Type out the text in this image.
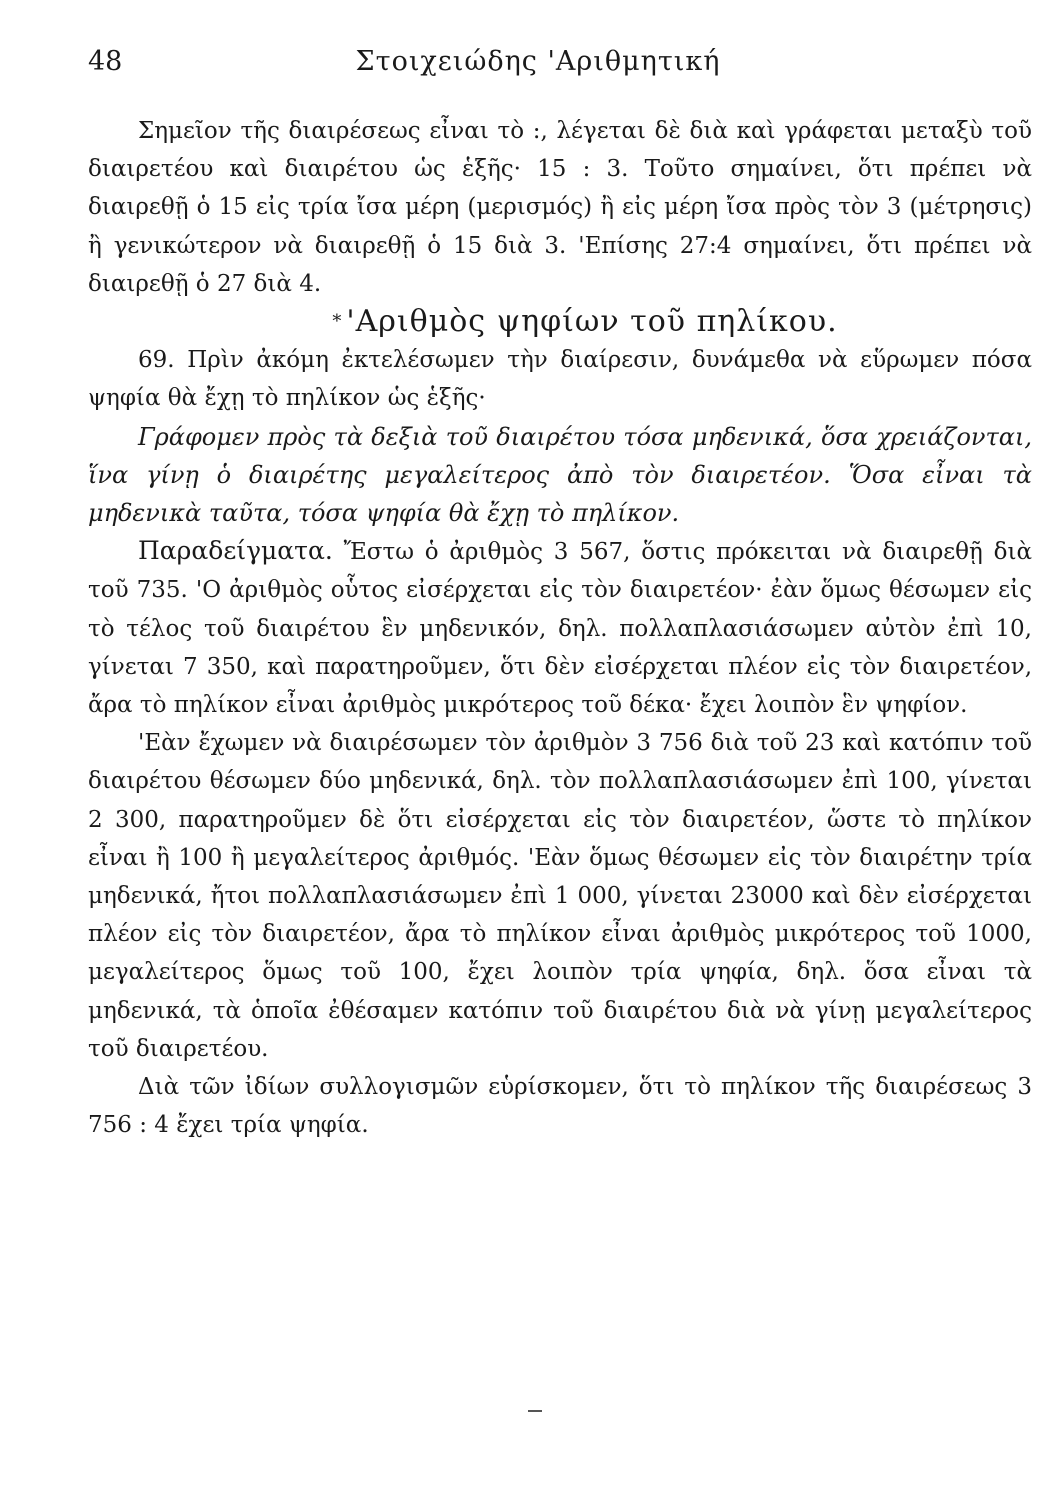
48	Στοιχειώδης 'Αριθμητική

Σημεῖον τῆς διαιρέσεως εἶναι τὸ :, λέγεται δὲ διὰ καὶ γράφεται μεταξὺ τοῦ διαιρετέου καὶ διαιρέτου ὡς ἑξῆς· 15 : 3. Τοῦτο σημαίνει, ὅτι πρέπει νὰ διαιρεθῇ ὁ 15 εἰς τρία ἴσα μέρη (μερισμός) ἢ εἰς μέρη ἴσα πρὸς τὸν 3 (μέτρησις) ἢ γενικώτερον νὰ διαιρεθῇ ὁ 15 διὰ 3. 'Επίσης 27:4 σημαίνει, ὅτι πρέπει νὰ διαιρεθῇ ὁ 27 διὰ 4.

* 'Αριθμὸς ψηφίων τοῦ πηλίκου.

69. Πρὶν ἀκόμη ἐκτελέσωμεν τὴν διαίρεσιν, δυνάμεθα νὰ εὕρωμεν πόσα ψηφία θὰ ἔχῃ τὸ πηλίκον ὡς ἑξῆς·

Γράφομεν πρὸς τὰ δεξιὰ τοῦ διαιρέτου τόσα μηδενικά, ὅσα χρειάζονται, ἵνα γίνῃ ὁ διαιρέτης μεγαλείτερος ἀπὸ τὸν διαιρετέον. Ὅσα εἶναι τὰ μηδενικὰ ταῦτα, τόσα ψηφία θὰ ἔχῃ τὸ πηλίκον.

Παραδείγματα. Ἔστω ὁ ἀριθμὸς 3 567, ὅστις πρόκειται νὰ διαιρεθῇ διὰ τοῦ 735. 'Ο ἀριθμὸς οὗτος εἰσέρχεται εἰς τὸν διαιρετέον· ἐὰν ὅμως θέσωμεν εἰς τὸ τέλος τοῦ διαιρέτου ἓν μηδενικόν, δηλ. πολλαπλασιάσωμεν αὐτὸν ἐπὶ 10, γίνεται 7 350, καὶ παρατηροῦμεν, ὅτι δὲν εἰσέρχεται πλέον εἰς τὸν διαιρετέον, ἄρα τὸ πηλίκον εἶναι ἀριθμὸς μικρότερος τοῦ δέκα· ἔχει λοιπὸν ἓν ψηφίον.

'Εὰν ἔχωμεν νὰ διαιρέσωμεν τὸν ἀριθμὸν 3 756 διὰ τοῦ 23 καὶ κατόπιν τοῦ διαιρέτου θέσωμεν δύο μηδενικά, δηλ. τὸν πολλαπλασιάσωμεν ἐπὶ 100, γίνεται 2 300, παρατηροῦμεν δὲ ὅτι εἰσέρχεται εἰς τὸν διαιρετέον, ὥστε τὸ πηλίκον εἶναι ἢ 100 ἢ μεγαλείτερος ἀριθμός. 'Εὰν ὅμως θέσωμεν εἰς τὸν διαιρέτην τρία μηδενικά, ἤτοι πολλαπλασιάσωμεν ἐπὶ 1 000, γίνεται 23000 καὶ δὲν εἰσέρχεται πλέον εἰς τὸν διαιρετέον, ἄρα τὸ πηλίκον εἶναι ἀριθμὸς μικρότερος τοῦ 1000, μεγαλείτερος ὅμως τοῦ 100, ἔχει λοιπὸν τρία ψηφία, δηλ. ὅσα εἶναι τὰ μηδενικά, τὰ ὁποῖα ἐθέσαμεν κατόπιν τοῦ διαιρέτου διὰ νὰ γίνῃ μεγαλείτερος τοῦ διαιρετέου.

Διὰ τῶν ἰδίων συλλογισμῶν εὑρίσκομεν, ὅτι τὸ πηλίκον τῆς διαιρέσεως 3 756 : 4 ἔχει τρία ψηφία.
